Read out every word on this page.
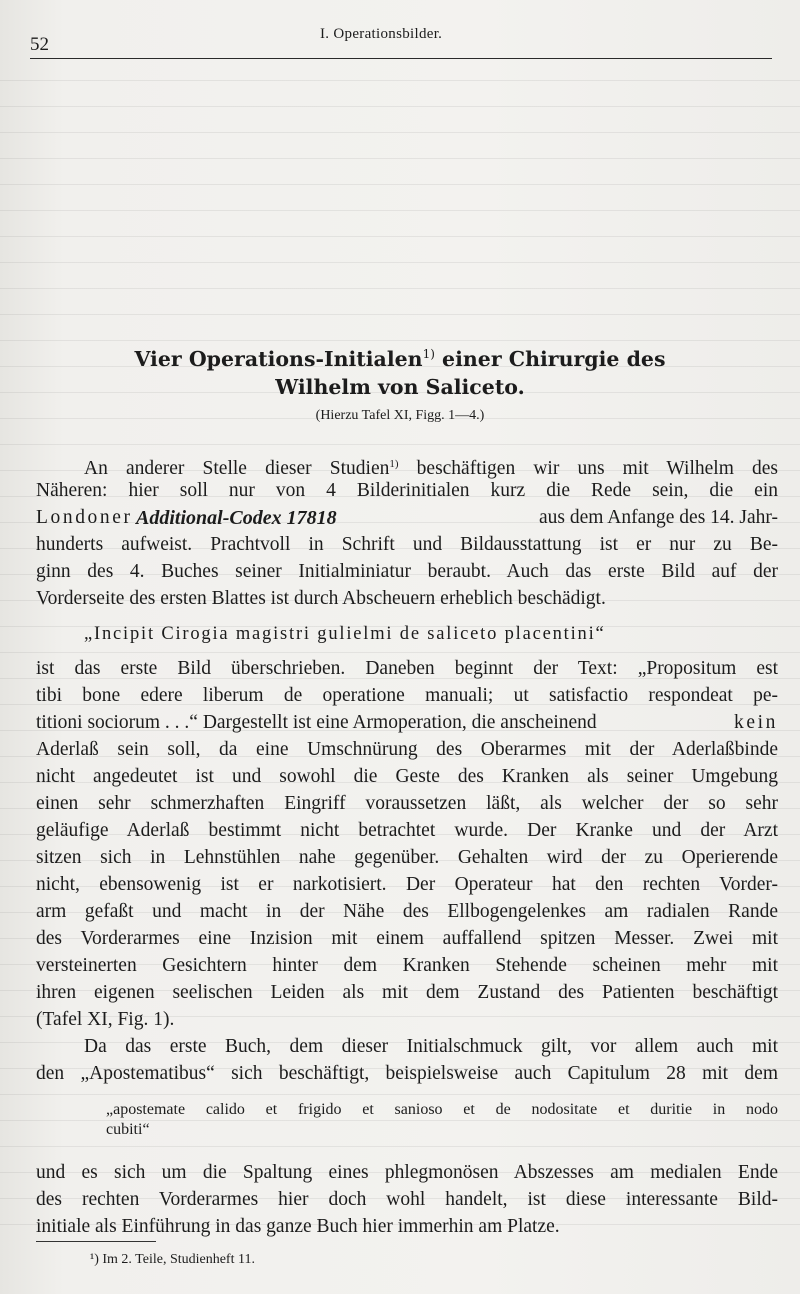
52	I. Operationsbilder.
Vier Operations-Initialen$^{1)}$ einer Chirurgie des
Wilhelm von Saliceto.
(Hierzu Tafel XI, Figg. 1—4.)
An anderer Stelle dieser Studien$^{1)}$ beschäftigen wir uns mit Wilhelm des
Näheren: hier soll nur von 4 Bilderinitialen kurz die Rede sein, die ein
Londoner Additional-Codex 17818	aus dem Anfange des 14. Jahr-
hunderts aufweist. Prachtvoll in Schrift und Bildausstattung ist er nur zu Be-
ginn des 4. Buches seiner Initialminiatur beraubt. Auch das erste Bild auf der
Vorderseite des ersten Blattes ist durch Abscheuern erheblich beschädigt.
„Incipit Cirogia magistri gulielmi de saliceto placentini“
ist das erste Bild überschrieben. Daneben beginnt der Text: „Propositum est
tibi bone edere liberum de operatione manuali; ut satisfactio respondeat pe-
titioni sociorum . . .“ Dargestellt ist eine Armoperation, die anscheinend	kein
Aderlaß sein soll, da eine Umschnürung des Oberarmes mit der Aderlaßbinde
nicht angedeutet ist und sowohl die Geste des Kranken als seiner Umgebung
einen sehr schmerzhaften Eingriff voraussetzen läßt, als welcher der so sehr
geläufige Aderlaß bestimmt nicht betrachtet wurde. Der Kranke und der Arzt
sitzen sich in Lehnstühlen nahe gegenüber. Gehalten wird der zu Operierende
nicht, ebensowenig ist er narkotisiert. Der Operateur hat den rechten Vorder-
arm gefaßt und macht in der Nähe des Ellbogengelenkes am radialen Rande
des Vorderarmes eine Inzision mit einem auffallend spitzen Messer. Zwei mit
versteinerten Gesichtern hinter dem Kranken Stehende scheinen mehr mit
ihren eigenen seelischen Leiden als mit dem Zustand des Patienten beschäftigt
(Tafel XI, Fig. 1).
Da das erste Buch, dem dieser Initialschmuck gilt, vor allem auch mit
den „Apostematibus“ sich beschäftigt, beispielsweise auch Capitulum 28 mit dem
„apostemate calido et frigido et sanioso et de nodositate et duritie in nodo
cubiti“
und es sich um die Spaltung eines phlegmonösen Abszesses am medialen Ende
des rechten Vorderarmes hier doch wohl handelt, ist diese interessante Bild-
initiale als Einführung in das ganze Buch hier immerhin am Platze.
¹) Im 2. Teile, Studienheft 11.
